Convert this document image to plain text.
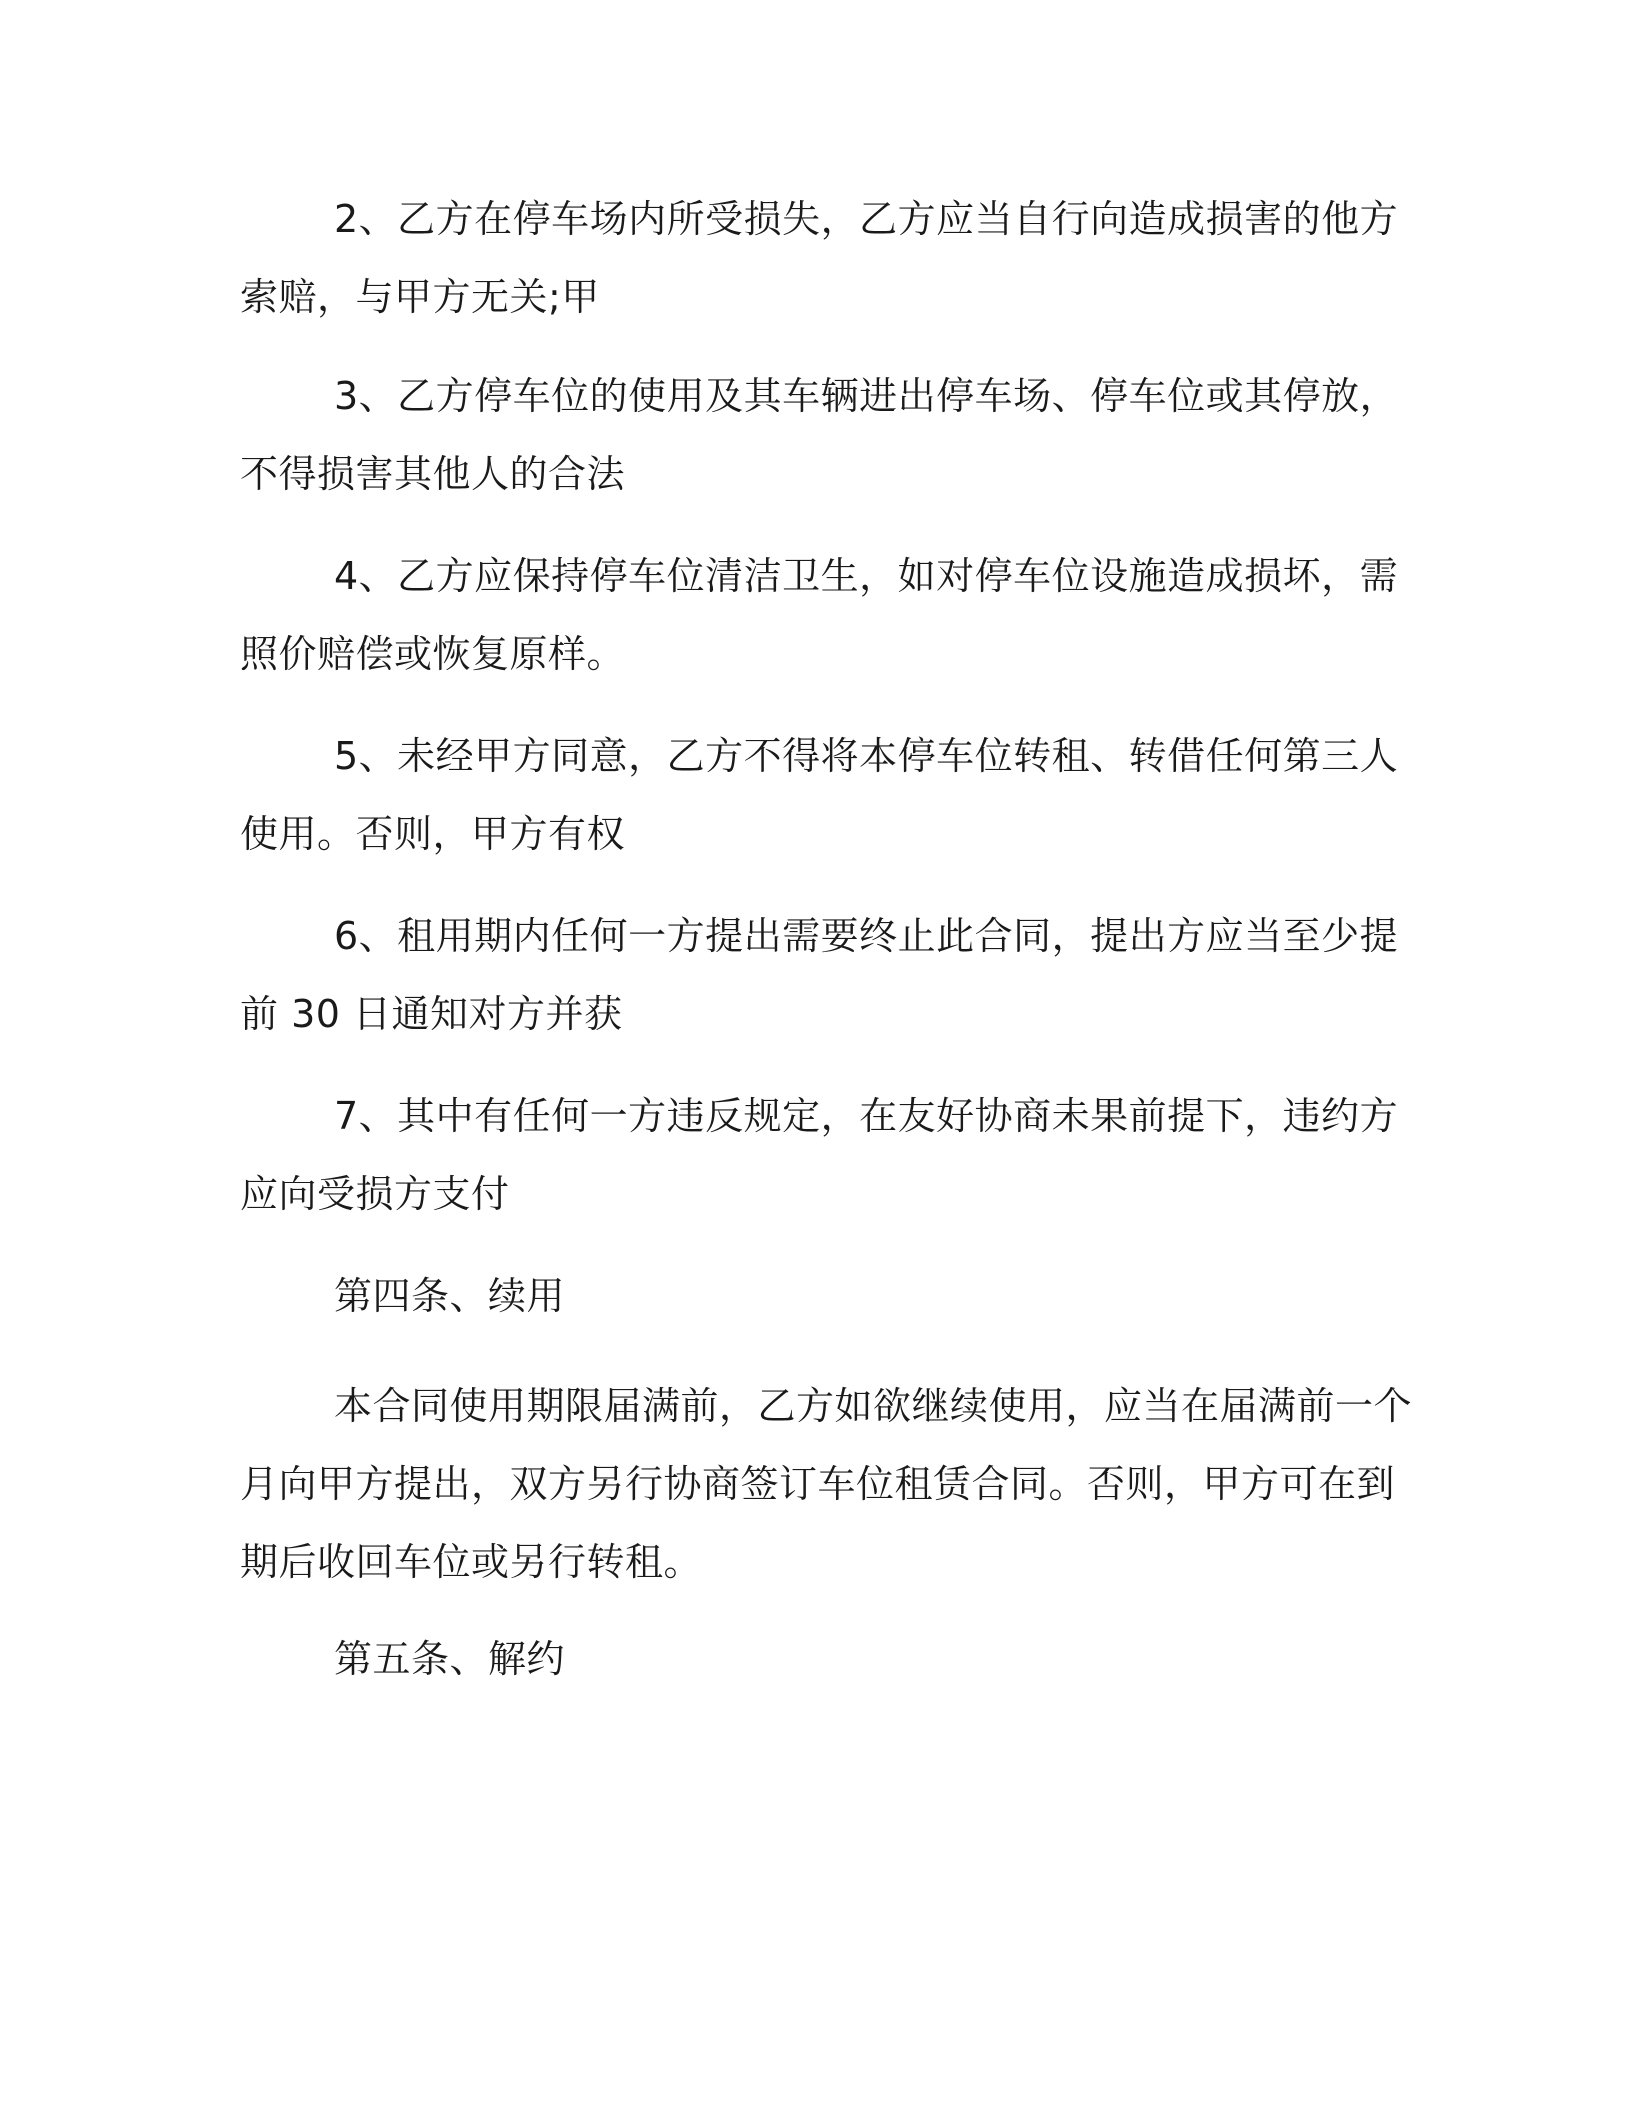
2、乙方在停车场内所受损失，乙方应当自行向造成损害的他方
索赔，与甲方无关;甲
3、乙方停车位的使用及其车辆进出停车场、停车位或其停放，
不得损害其他人的合法
4、乙方应保持停车位清洁卫生，如对停车位设施造成损坏，需
照价赔偿或恢复原样。
5、未经甲方同意，乙方不得将本停车位转租、转借任何第三人
使用。否则，甲方有权
6、租用期内任何一方提出需要终止此合同，提出方应当至少提
前 30 日通知对方并获
7、其中有任何一方违反规定，在友好协商未果前提下，违约方
应向受损方支付
第四条、续用
本合同使用期限届满前，乙方如欲继续使用，应当在届满前一个
月向甲方提出，双方另行协商签订车位租赁合同。否则，甲方可在到
期后收回车位或另行转租。
第五条、解约
